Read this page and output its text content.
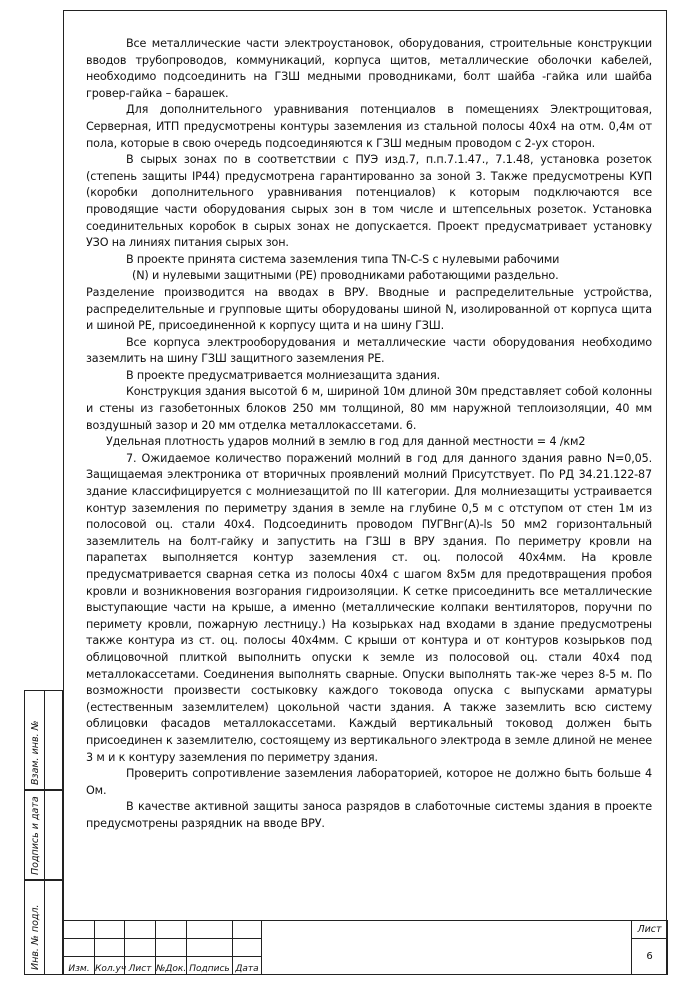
Все металлические части электроустановок, оборудования, строительные конструкции вводов трубопроводов, коммуникаций, корпуса щитов, металлические оболочки кабелей, необходимо подсоединить на ГЗШ медными проводниками, болт шайба -гайка или шайба гровер-гайка – барашек.

Для дополнительного уравнивания потенциалов в помещениях Электрощитовая, Серверная, ИТП предусмотрены контуры заземления из стальной полосы 40х4 на отм. 0,4м от пола, которые в свою очередь подсоединяются к ГЗШ медным проводом с 2-ух сторон.

В сырых зонах по в соответствии с ПУЭ изд.7, п.п.7.1.47., 7.1.48, установка розеток (степень защиты IP44) предусмотрена гарантированно за зоной 3. Также предусмотрены КУП (коробки дополнительного уравнивания потенциалов) к которым подключаются все проводящие части оборудования сырых зон в том числе и штепсельных розеток. Установка соединительных коробок в сырых зонах не допускается. Проект предусматривает установку УЗО на линиях питания сырых зон.

В проекте принята система заземления типа TN-C-S с нулевыми рабочими

(N) и нулевыми защитными (PE) проводниками работающими раздельно.

Разделение производится на вводах в ВРУ. Вводные и распределительные устройства, распределительные и групповые щиты оборудованы шиной N, изолированной от корпуса щита и шиной PE, присоединенной к корпусу щита и на шину ГЗШ.

Все корпуса электрооборудования и металлические части оборудования необходимо заземлить на шину ГЗШ защитного заземления PE.

В проекте предусматривается молниезащита здания.

Конструкция здания высотой 6 м, шириной 10м длиной 30м представляет собой колонны и стены из газобетонных блоков 250 мм толщиной, 80 мм наружной теплоизоляции, 40 мм воздушный зазор и 20 мм отделка металлокассетами. 6.

Удельная плотность ударов молний в землю в год для данной местности = 4 /км2

7. Ожидаемое количество поражений молний в год для данного здания равно N=0,05. Защищаемая электроника от вторичных проявлений молний Присутствует. По РД 34.21.122-87 здание классифицируется с молниезащитой по III категории. Для молниезащиты устраивается контур заземления по периметру здания в земле на глубине 0,5 м с отступом от стен 1м из полосовой оц. стали 40х4. Подсоединить проводом ПУГВнг(А)-ls 50 мм2 горизонтальный заземлитель на болт-гайку и запустить на ГЗШ в ВРУ здания. По периметру кровли на парапетах выполняется контур заземления ст. оц. полосой 40х4мм. На кровле предусматривается сварная сетка из полосы 40х4 с шагом 8х5м для предотвращения пробоя кровли и возникновения возгорания гидроизоляции. К сетке присоединить все металлические выступающие части на крыше, а именно (металлические колпаки вентиляторов, поручни по перимету кровли, пожарную лестницу.) На козырьках над входами в здание предусмотрены также контура из ст. оц. полосы 40х4мм. С крыши от контура и от контуров козырьков под облицовочной плиткой выполнить опуски к земле из полосовой оц. стали 40х4 под металлокассетами. Соединения выполнять сварные. Опуски выполнять так-же через 8-5 м. По возможности произвести состыковку каждого токовода опуска с выпусками арматуры (естественным заземлителем) цокольной части здания. А также заземлить всю систему облицовки фасадов металлокассетами. Каждый вертикальный токовод должен быть присоединен к заземлителю, состоящему из вертикального электрода в земле длиной не менее 3 м и к контуру заземления по периметру здания.

Проверить сопротивление заземления лабораторией, которое не должно быть больше 4 Ом.

В качестве активной защиты заноса разрядов в слаботочные системы здания в проекте предусмотрены разрядник на вводе ВРУ.

Взам. инв. №
Подпись и дата
Инв. № подл.
								Лист
							6
Изм.	Кол.уч	Лист	№Док.	Подпись	Дата		
